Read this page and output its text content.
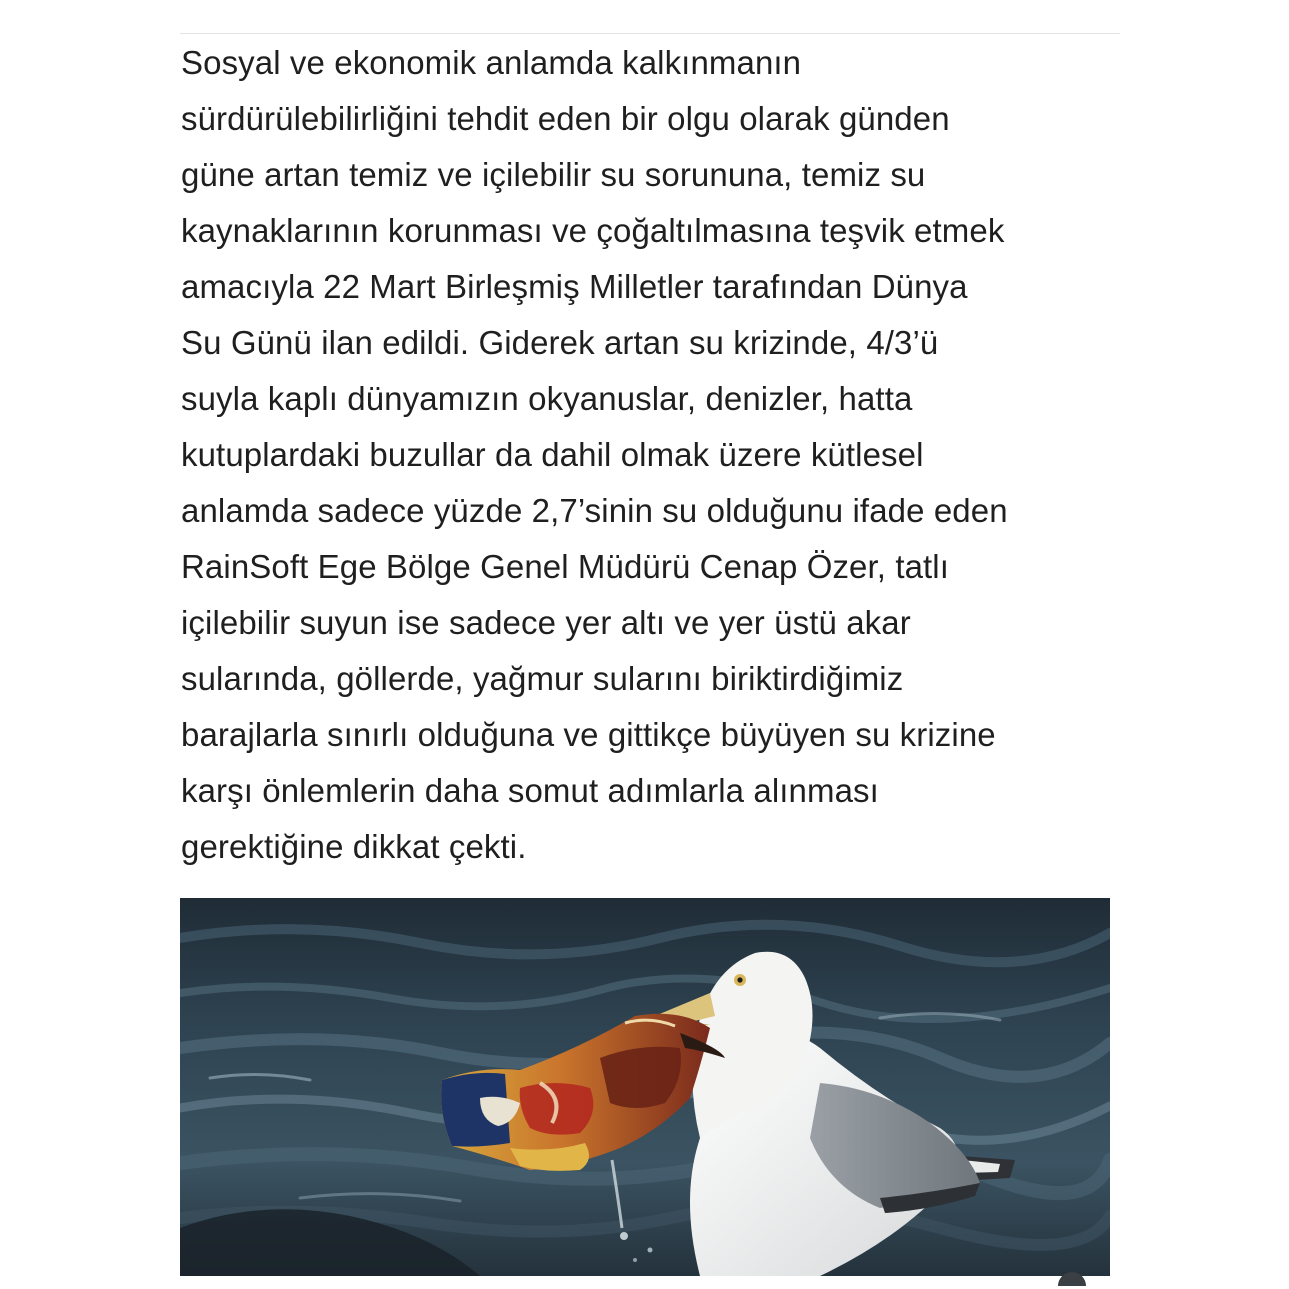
Sosyal ve ekonomik anlamda kalkınmanın
sürdürülebilirliğini tehdit eden bir olgu olarak günden
güne artan temiz ve içilebilir su sorununa, temiz su
kaynaklarının korunması ve çoğaltılmasına teşvik etmek
amacıyla 22 Mart Birleşmiş Milletler tarafından Dünya
Su Günü ilan edildi. Giderek artan su krizinde, 4/3’ü
suyla kaplı dünyamızın okyanuslar, denizler, hatta
kutuplardaki buzullar da dahil olmak üzere kütlesel
anlamda sadece yüzde 2,7’sinin su olduğunu ifade eden
RainSoft Ege Bölge Genel Müdürü Cenap Özer, tatlı
içilebilir suyun ise sadece yer altı ve yer üstü akar
sularında, göllerde, yağmur sularını biriktirdiğimiz
barajlarla sınırlı olduğuna ve gittikçe büyüyen su krizine
karşı önlemlerin daha somut adımlarla alınması
gerektiğine dikkat çekti.
